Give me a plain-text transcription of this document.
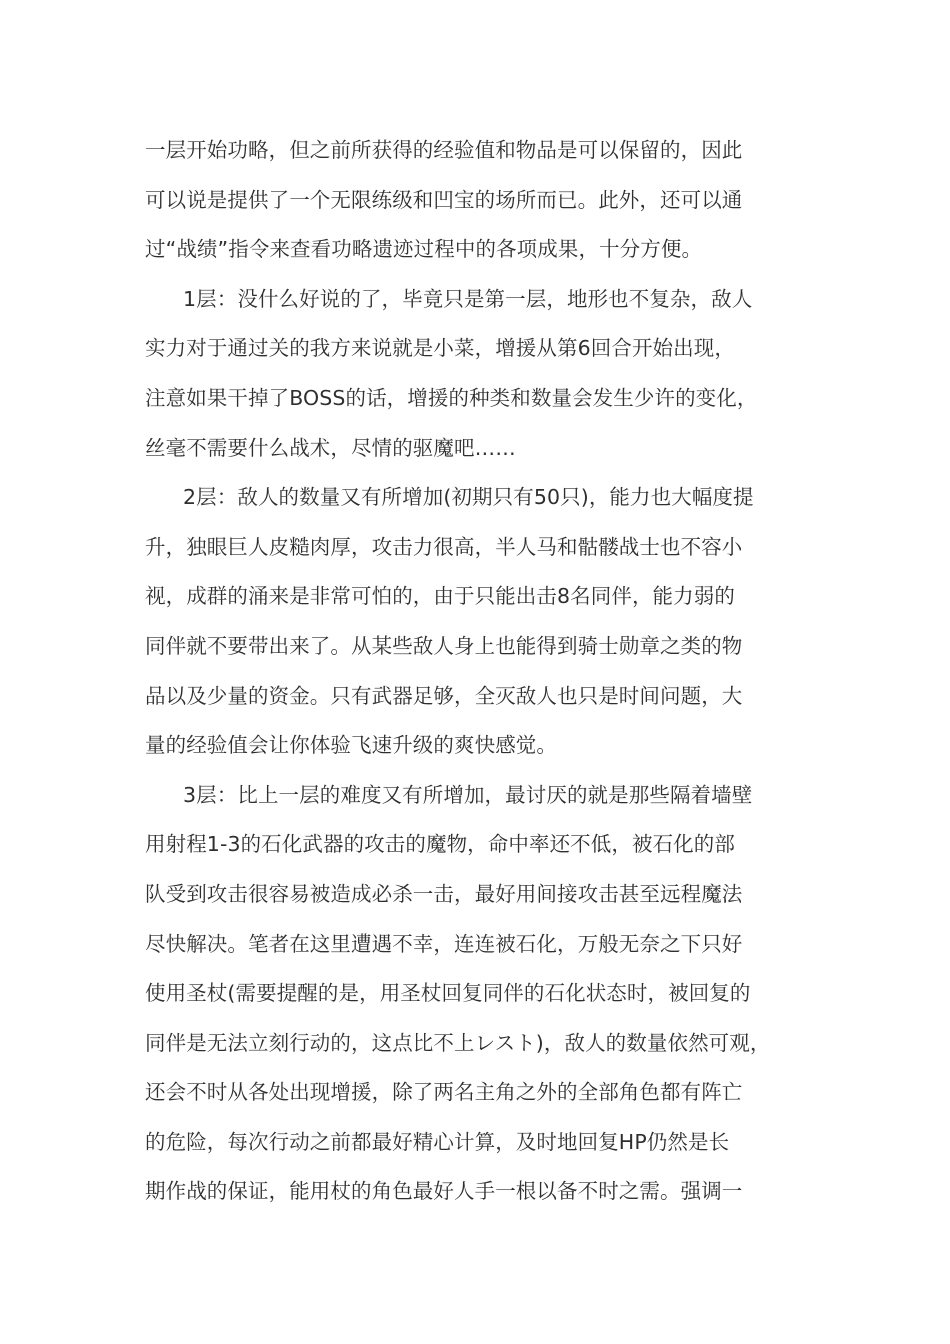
一层开始功略，但之前所获得的经验值和物品是可以保留的，因此
可以说是提供了一个无限练级和凹宝的场所而已。此外，还可以通
过“战绩”指令来查看功略遗迹过程中的各项成果，十分方便。
1层：没什么好说的了，毕竟只是第一层，地形也不复杂，敌人
实力对于通过关的我方来说就是小菜，增援从第6回合开始出现，
注意如果干掉了BOSS的话，增援的种类和数量会发生少许的变化，
丝毫不需要什么战术，尽情的驱魔吧……
2层：敌人的数量又有所增加(初期只有50只)，能力也大幅度提
升，独眼巨人皮糙肉厚，攻击力很高，半人马和骷髅战士也不容小
视，成群的涌来是非常可怕的，由于只能出击8名同伴，能力弱的
同伴就不要带出来了。从某些敌人身上也能得到骑士勋章之类的物
品以及少量的资金。只有武器足够，全灭敌人也只是时间问题，大
量的经验值会让你体验飞速升级的爽快感觉。
3层：比上一层的难度又有所增加，最讨厌的就是那些隔着墙壁
用射程1-3的石化武器的攻击的魔物，命中率还不低，被石化的部
队受到攻击很容易被造成必杀一击，最好用间接攻击甚至远程魔法
尽快解决。笔者在这里遭遇不幸，连连被石化，万般无奈之下只好
使用圣杖(需要提醒的是，用圣杖回复同伴的石化状态时，被回复的
同伴是无法立刻行动的，这点比不上レスト)，敌人的数量依然可观，
还会不时从各处出现增援，除了两名主角之外的全部角色都有阵亡
的危险，每次行动之前都最好精心计算，及时地回复HP仍然是长
期作战的保证，能用杖的角色最好人手一根以备不时之需。强调一
